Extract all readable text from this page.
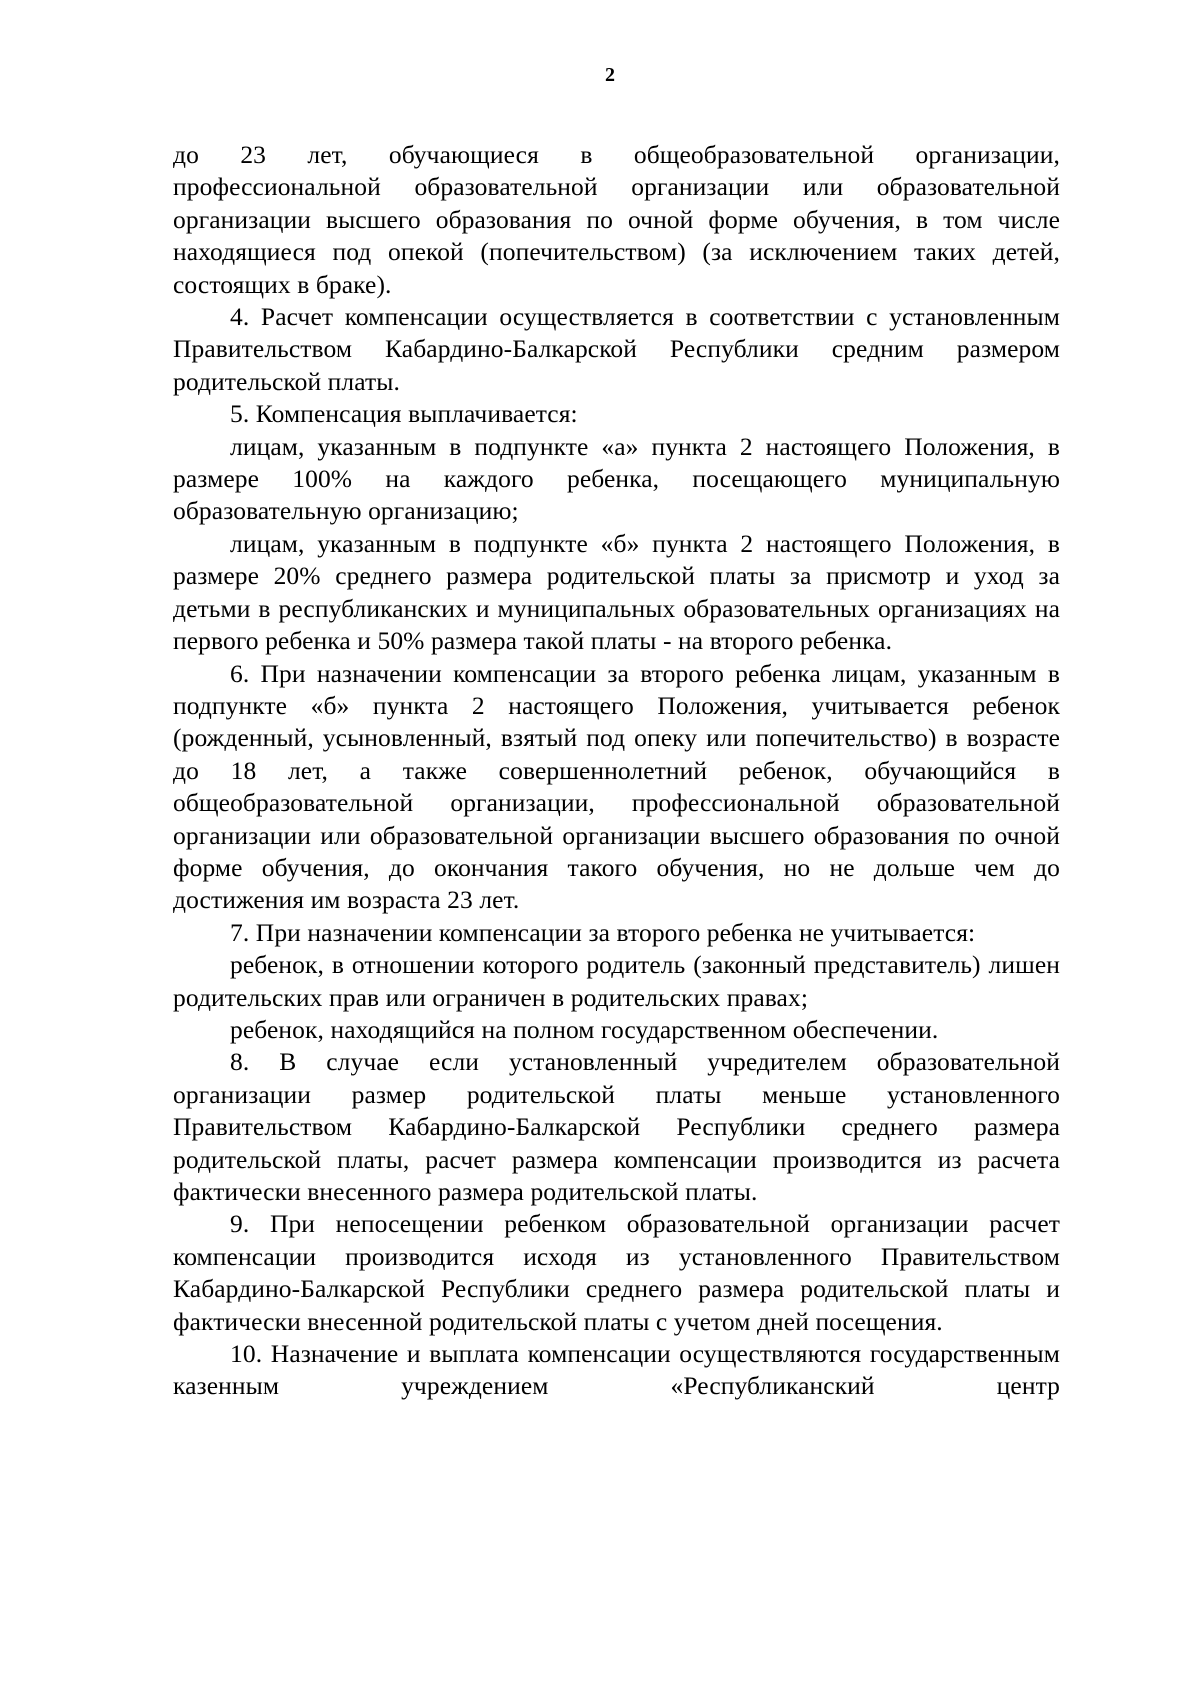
2

до 23 лет, обучающиеся в общеобразовательной организации, профессиональной образовательной организации или образовательной организации высшего образования по очной форме обучения, в том числе находящиеся под опекой (попечительством) (за исключением таких детей, состоящих в браке).

4. Расчет компенсации осуществляется в соответствии с установленным Правительством Кабардино-Балкарской Республики средним размером родительской платы.

5. Компенсация выплачивается:

лицам, указанным в подпункте «а» пункта 2 настоящего Положения, в размере 100% на каждого ребенка, посещающего муниципальную образовательную организацию;

лицам, указанным в подпункте «б» пункта 2 настоящего Положения, в размере 20% среднего размера родительской платы за присмотр и уход за детьми в республиканских и муниципальных образовательных организациях на первого ребенка и 50% размера такой платы - на второго ребенка.

6. При назначении компенсации за второго ребенка лицам, указанным в подпункте «б» пункта 2 настоящего Положения, учитывается ребенок (рожденный, усыновленный, взятый под опеку или попечительство) в возрасте до 18 лет, а также совершеннолетний ребенок, обучающийся в общеобразовательной организации, профессиональной образовательной организации или образовательной организации высшего образования по очной форме обучения, до окончания такого обучения, но не дольше чем до достижения им возраста 23 лет.

7. При назначении компенсации за второго ребенка не учитывается:

ребенок, в отношении которого родитель (законный представитель) лишен родительских прав или ограничен в родительских правах;

ребенок, находящийся на полном государственном обеспечении.

8. В случае если установленный учредителем образовательной организации размер родительской платы меньше установленного Правительством Кабардино-Балкарской Республики среднего размера родительской платы, расчет размера компенсации производится из расчета фактически внесенного размера родительской платы.

9. При непосещении ребенком образовательной организации расчет компенсации производится исходя из установленного Правительством Кабардино-Балкарской Республики среднего размера родительской платы и фактически внесенной родительской платы с учетом дней посещения.

10. Назначение и выплата компенсации осуществляются государственным казенным учреждением «Республиканский центр
